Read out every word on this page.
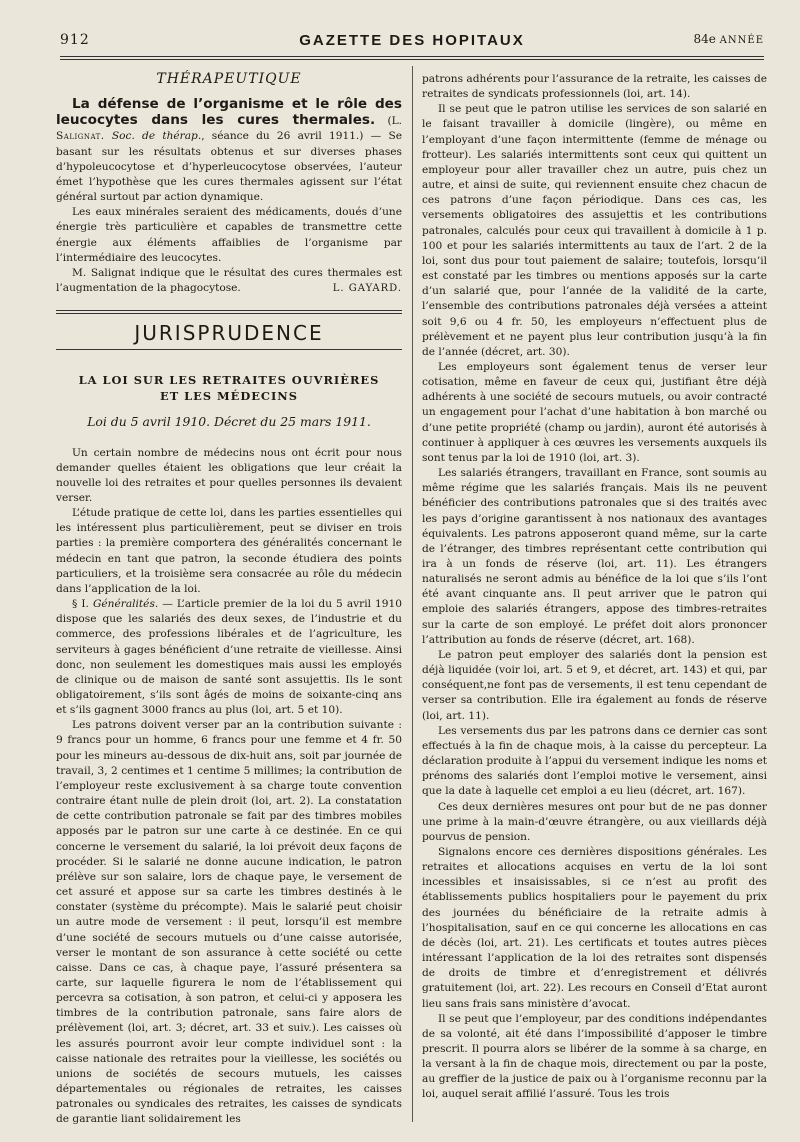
912	GAZETTE DES HOPITAUX	84e ANNÉE
THÉRAPEUTIQUE

La défense de l’organisme et le rôle des leucocytes dans les cures thermales. (L. Salignat. Soc. de thérap., séance du 26 avril 1911.) — Se basant sur les résultats obtenus et sur diverses phases d’hypoleucocytose et d’hyperleucocytose observées, l’auteur émet l’hypothèse que les cures thermales agissent sur l’état général surtout par action dynamique.

Les eaux minérales seraient des médicaments, doués d’une énergie très particulière et capables de transmettre cette énergie aux éléments affaiblies de l’organisme par l’intermédiaire des leucocytes.

M. Salignat indique que le résultat des cures thermales est l’augmentation de la phagocytose.	L. GAYARD.

JURISPRUDENCE
LA LOI SUR LES RETRAITES OUVRIÈRES
ET LES MÉDECINS
Loi du 5 avril 1910. Décret du 25 mars 1911.

Un certain nombre de médecins nous ont écrit pour nous demander quelles étaient les obligations que leur créait la nouvelle loi des retraites et pour quelles personnes ils devaient verser.

L’étude pratique de cette loi, dans les parties essentielles qui les intéressent plus particulièrement, peut se diviser en trois parties : la première comportera des généralités concernant le médecin en tant que patron, la seconde étudiera des points particuliers, et la troisième sera consacrée au rôle du médecin dans l’application de la loi.

§ I. Généralités. — L’article premier de la loi du 5 avril 1910 dispose que les salariés des deux sexes, de l’industrie et du commerce, des professions libérales et de l’agriculture, les serviteurs à gages bénéficient d’une retraite de vieillesse. Ainsi donc, non seulement les domestiques mais aussi les employés de clinique ou de maison de santé sont assujettis. Ils le sont obligatoirement, s’ils sont âgés de moins de soixante-cinq ans et s’ils gagnent 3000 francs au plus (loi, art. 5 et 10).

Les patrons doivent verser par an la contribution suivante : 9 francs pour un homme, 6 francs pour une femme et 4 fr. 50 pour les mineurs au-dessous de dix-huit ans, soit par journée de travail, 3, 2 centimes et 1 centime 5 millimes; la contribution de l’employeur reste exclusivement à sa charge toute convention contraire étant nulle de plein droit (loi, art. 2). La constatation de cette contribution patronale se fait par des timbres mobiles apposés par le patron sur une carte à ce destinée. En ce qui concerne le versement du salarié, la loi prévoit deux façons de procéder. Si le salarié ne donne aucune indication, le patron prélève sur son salaire, lors de chaque paye, le versement de cet assuré et appose sur sa carte les timbres destinés à le constater (système du précompte). Mais le salarié peut choisir un autre mode de versement : il peut, lorsqu’il est membre d’une société de secours mutuels ou d’une caisse autorisée, verser le montant de son assurance à cette société ou cette caisse. Dans ce cas, à chaque paye, l’assuré présentera sa carte, sur laquelle figurera le nom de l’établissement qui percevra sa cotisation, à son patron, et celui-ci y apposera les timbres de la contribution patronale, sans faire alors de prélèvement (loi, art. 3; décret, art. 33 et suiv.). Les caisses où les assurés pourront avoir leur compte individuel sont : la caisse nationale des retraites pour la vieillesse, les sociétés ou unions de sociétés de secours mutuels, les caisses départementales ou régionales de retraites, les caisses patronales ou syndicales des retraites, les caisses de syndicats de garantie liant solidairement les

patrons adhérents pour l’assurance de la retraite, les caisses de retraites de syndicats professionnels (loi, art. 14).

Il se peut que le patron utilise les services de son salarié en le faisant travailler à domicile (lingère), ou même en l’employant d’une façon intermittente (femme de ménage ou frotteur). Les salariés intermittents sont ceux qui quittent un employeur pour aller travailler chez un autre, puis chez un autre, et ainsi de suite, qui reviennent ensuite chez chacun de ces patrons d’une façon périodique. Dans ces cas, les versements obligatoires des assujettis et les contributions patronales, calculés pour ceux qui travaillent à domicile à 1 p. 100 et pour les salariés intermittents au taux de l’art. 2 de la loi, sont dus pour tout paiement de salaire; toutefois, lorsqu’il est constaté par les timbres ou mentions apposés sur la carte d’un salarié que, pour l’année de la validité de la carte, l’ensemble des contributions patronales déjà versées a atteint soit 9,6 ou 4 fr. 50, les employeurs n’effectuent plus de prélèvement et ne payent plus leur contribution jusqu’à la fin de l’année (décret, art. 30).

Les employeurs sont également tenus de verser leur cotisation, même en faveur de ceux qui, justifiant être déjà adhérents à une société de secours mutuels, ou avoir contracté un engagement pour l’achat d’une habitation à bon marché ou d’une petite propriété (champ ou jardin), auront été autorisés à continuer à appliquer à ces œuvres les versements auxquels ils sont tenus par la loi de 1910 (loi, art. 3).

Les salariés étrangers, travaillant en France, sont soumis au même régime que les salariés français. Mais ils ne peuvent bénéficier des contributions patronales que si des traités avec les pays d’origine garantissent à nos nationaux des avantages équivalents. Les patrons apposeront quand même, sur la carte de l’étranger, des timbres représentant cette contribution qui ira à un fonds de réserve (loi, art. 11). Les étrangers naturalisés ne seront admis au bénéfice de la loi que s’ils l’ont été avant cinquante ans. Il peut arriver que le patron qui emploie des salariés étrangers, appose des timbres-retraites sur la carte de son employé. Le préfet doit alors prononcer l’attribution au fonds de réserve (décret, art. 168).

Le patron peut employer des salariés dont la pension est déjà liquidée (voir loi, art. 5 et 9, et décret, art. 143) et qui, par conséquent,ne font pas de versements, il est tenu cependant de verser sa contribution. Elle ira également au fonds de réserve (loi, art. 11).

Les versements dus par les patrons dans ce dernier cas sont effectués à la fin de chaque mois, à la caisse du percepteur. La déclaration produite à l’appui du versement indique les noms et prénoms des salariés dont l’emploi motive le versement, ainsi que la date à laquelle cet emploi a eu lieu (décret, art. 167).

Ces deux dernières mesures ont pour but de ne pas donner une prime à la main-d’œuvre étrangère, ou aux vieillards déjà pourvus de pension.

Signalons encore ces dernières dispositions générales. Les retraites et allocations acquises en vertu de la loi sont incessibles et insaisissables, si ce n’est au profit des établissements publics hospitaliers pour le payement du prix des journées du bénéficiaire de la retraite admis à l’hospitalisation, sauf en ce qui concerne les allocations en cas de décès (loi, art. 21). Les certificats et toutes autres pièces intéressant l’application de la loi des retraites sont dispensés de droits de timbre et d’enregistrement et délivrés gratuitement (loi, art. 22). Les recours en Conseil d’Etat auront lieu sans frais sans ministère d’avocat.

Il se peut que l’employeur, par des conditions indépendantes de sa volonté, ait été dans l’impossibilité d’apposer le timbre prescrit. Il pourra alors se libérer de la somme à sa charge, en la versant à la fin de chaque mois, directement ou par la poste, au greffier de la justice de paix ou à l’organisme reconnu par la loi, auquel serait affilié l’assuré. Tous les trois
